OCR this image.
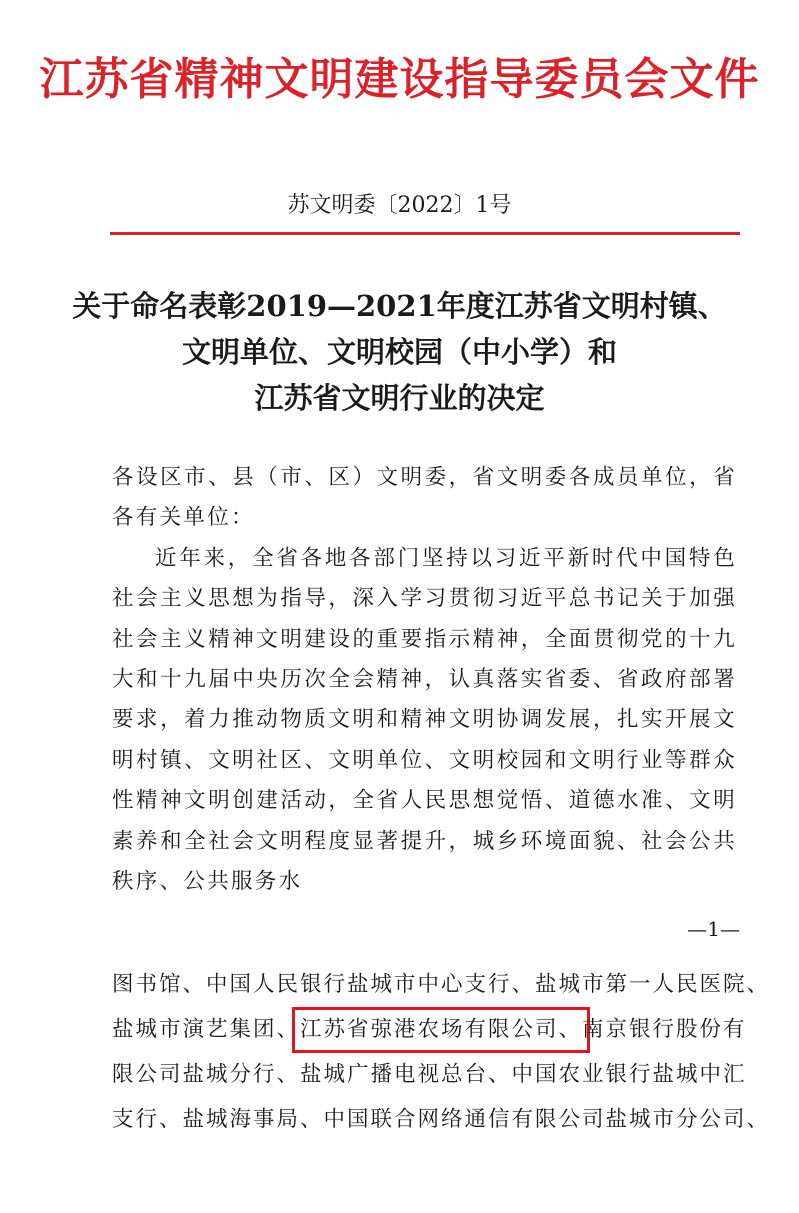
江苏省精神文明建设指导委员会文件
苏文明委〔2022〕1号
关于命名表彰2019—2021年度江苏省文明村镇、
文明单位、文明校园（中小学）和
江苏省文明行业的决定

各设区市、县（市、区）文明委，省文明委各成员单位，省各有关单位：

近年来，全省各地各部门坚持以习近平新时代中国特色社会主义思想为指导，深入学习贯彻习近平总书记关于加强社会主义精神文明建设的重要指示精神，全面贯彻党的十九大和十九届中央历次全会精神，认真落实省委、省政府部署要求，着力推动物质文明和精神文明协调发展，扎实开展文明村镇、文明社区、文明单位、文明校园和文明行业等群众性精神文明创建活动，全省人民思想觉悟、道德水准、文明素养和全社会文明程度显著提升，城乡环境面貌、社会公共秩序、公共服务水

—1—
图书馆、中国人民银行盐城市中心支行、盐城市第一人民医院、
盐城市演艺集团、江苏省弶港农场有限公司、南京银行股份有
限公司盐城分行、盐城广播电视总台、中国农业银行盐城中汇
支行、盐城海事局、中国联合网络通信有限公司盐城市分公司、
